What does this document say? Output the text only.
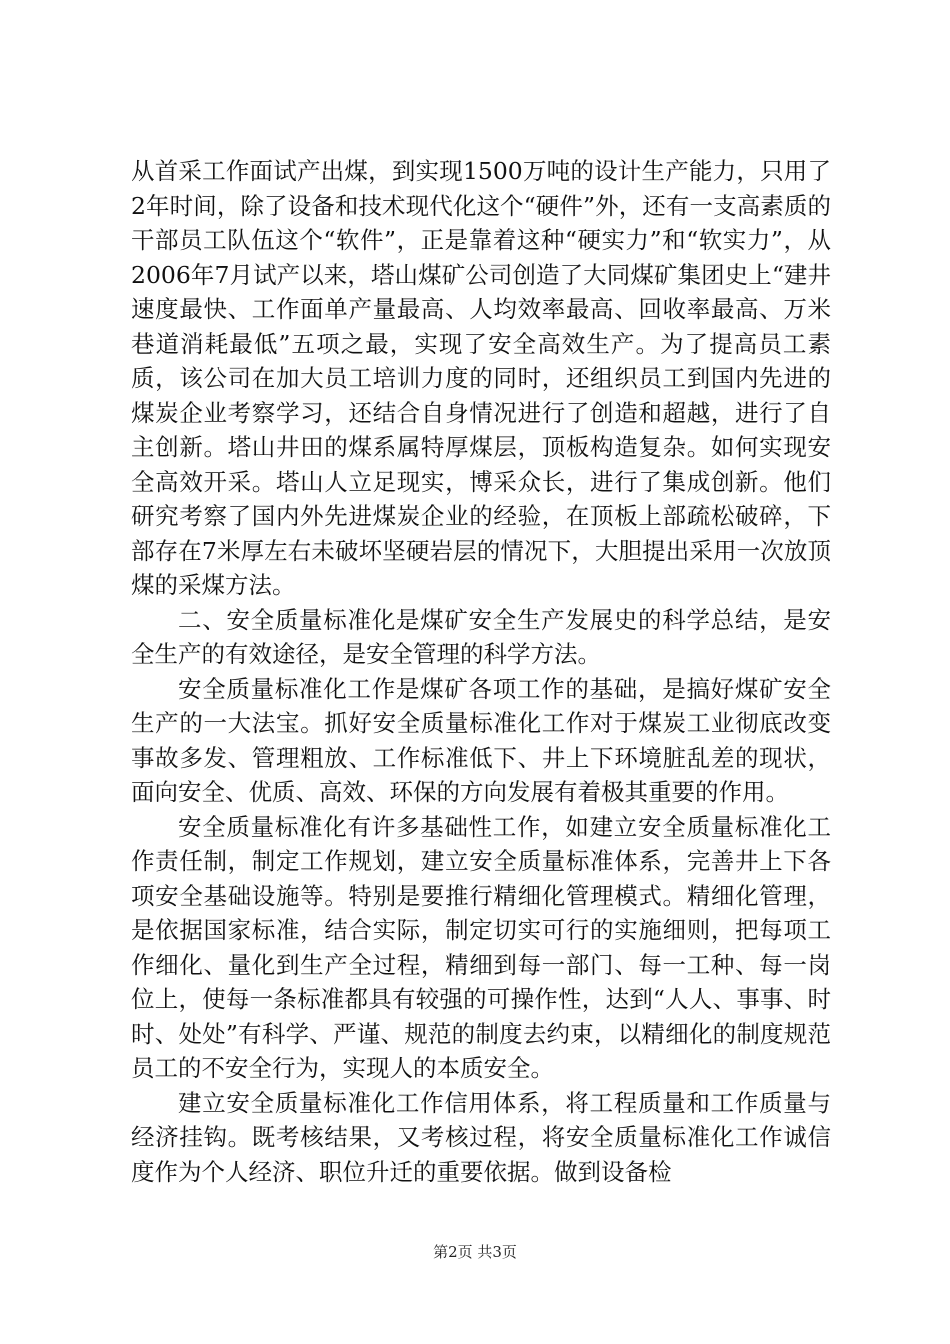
从首采工作面试产出煤，到实现1500万吨的设计生产能力，只用了2年时间，除了设备和技术现代化这个“硬件”外，还有一支高素质的干部员工队伍这个“软件”，正是靠着这种“硬实力”和“软实力”，从2006年7月试产以来，塔山煤矿公司创造了大同煤矿集团史上“建井速度最快、工作面单产量最高、人均效率最高、回收率最高、万米巷道消耗最低”五项之最，实现了安全高效生产。为了提高员工素质，该公司在加大员工培训力度的同时，还组织员工到国内先进的煤炭企业考察学习，还结合自身情况进行了创造和超越，进行了自主创新。塔山井田的煤系属特厚煤层，顶板构造复杂。如何实现安全高效开采。塔山人立足现实，博采众长，进行了集成创新。他们研究考察了国内外先进煤炭企业的经验，在顶板上部疏松破碎，下部存在7米厚左右未破坏坚硬岩层的情况下，大胆提出采用一次放顶煤的采煤方法。

二、安全质量标准化是煤矿安全生产发展史的科学总结，是安全生产的有效途径，是安全管理的科学方法。

安全质量标准化工作是煤矿各项工作的基础，是搞好煤矿安全生产的一大法宝。抓好安全质量标准化工作对于煤炭工业彻底改变事故多发、管理粗放、工作标准低下、井上下环境脏乱差的现状，面向安全、优质、高效、环保的方向发展有着极其重要的作用。

安全质量标准化有许多基础性工作，如建立安全质量标准化工作责任制，制定工作规划，建立安全质量标准体系，完善井上下各项安全基础设施等。特别是要推行精细化管理模式。精细化管理，是依据国家标准，结合实际，制定切实可行的实施细则，把每项工作细化、量化到生产全过程，精细到每一部门、每一工种、每一岗位上，使每一条标准都具有较强的可操作性，达到“人人、事事、时时、处处”有科学、严谨、规范的制度去约束，以精细化的制度规范员工的不安全行为，实现人的本质安全。

建立安全质量标准化工作信用体系，将工程质量和工作质量与经济挂钩。既考核结果，又考核过程，将安全质量标准化工作诚信度作为个人经济、职位升迁的重要依据。做到设备检

第2页 共3页
